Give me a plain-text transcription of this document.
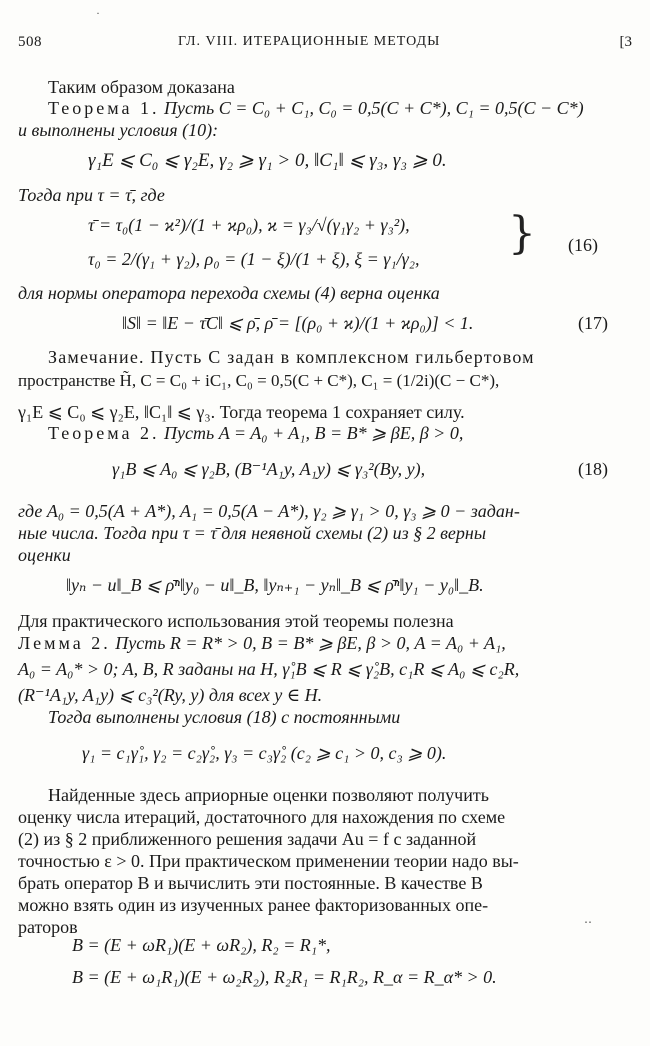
508	ГЛ. VIII. ИТЕРАЦИОННЫЕ МЕТОДЫ	[3
·
Таким образом доказана
Теорема 1. Пусть C = C₀ + C₁, C₀ = 0,5(C + C*), C₁ = 0,5(C − C*)
и выполнены условия (10):
γ₁E ⩽ C₀ ⩽ γ₂E, γ₂ ⩾ γ₁ > 0, ‖C₁‖ ⩽ γ₃, γ₃ ⩾ 0.
Тогда при τ = τ̄, где
τ̄ = τ₀(1 − ϰ²)/(1 + ϰρ₀), ϰ = γ₃/√(γ₁γ₂ + γ₃²),
τ₀ = 2/(γ₁ + γ₂), ρ₀ = (1 − ξ)/(1 + ξ), ξ = γ₁/γ₂, } (16)
для нормы оператора перехода схемы (4) верна оценка
‖S‖ = ‖E − τ̄C‖ ⩽ ρ̄, ρ̄ = [(ρ₀ + ϰ)/(1 + ϰρ₀)] < 1.	(17)
Замечание. Пусть C задан в комплексном гильбертовом
пространстве H̃, C = C₀ + iC₁, C₀ = 0,5(C + C*), C₁ = (1/2i)(C − C*),
γ₁E ⩽ C₀ ⩽ γ₂E, ‖C₁‖ ⩽ γ₃. Тогда теорема 1 сохраняет силу.
Теорема 2. Пусть A = A₀ + A₁, B = B* ⩾ βE, β > 0,
γ₁B ⩽ A₀ ⩽ γ₂B, (B⁻¹A₁y, A₁y) ⩽ γ₃²(By, y),	(18)
где A₀ = 0,5(A + A*), A₁ = 0,5(A − A*), γ₂ ⩾ γ₁ > 0, γ₃ ⩾ 0 − задан-
ные числа. Тогда при τ = τ̄ для неявной схемы (2) из § 2 верны
оценки
‖yₙ − u‖_B ⩽ ρ̄ⁿ‖y₀ − u‖_B, ‖yₙ₊₁ − yₙ‖_B ⩽ ρ̄ⁿ‖y₁ − y₀‖_B.
Для практического использования этой теоремы полезна
Лемма 2. Пусть R = R* > 0, B = B* ⩾ βE, β > 0, A = A₀ + A₁,
A₀ = A₀* > 0; A, B, R заданы на H, γ̊₁B ⩽ R ⩽ γ̊₂B, c₁R ⩽ A₀ ⩽ c₂R,
(R⁻¹A₁y, A₁y) ⩽ c₃²(Ry, y) для всех y ∈ H.
Тогда выполнены условия (18) с постоянными
γ₁ = c₁γ̊₁, γ₂ = c₂γ̊₂, γ₃ = c₃γ̊₂ (c₂ ⩾ c₁ > 0, c₃ ⩾ 0).
Найденные здесь априорные оценки позволяют получить
оценку числа итераций, достаточного для нахождения по схеме
(2) из § 2 приближенного решения задачи Au = f с заданной
точностью ε > 0. При практическом применении теории надо вы-
брать оператор B и вычислить эти постоянные. В качестве B
можно взять один из изученных ранее факторизованных опе-
раторов	‥
B = (E + ωR₁)(E + ωR₂), R₂ = R₁*,
B = (E + ω₁R₁)(E + ω₂R₂), R₂R₁ = R₁R₂, R_α = R_α* > 0.
